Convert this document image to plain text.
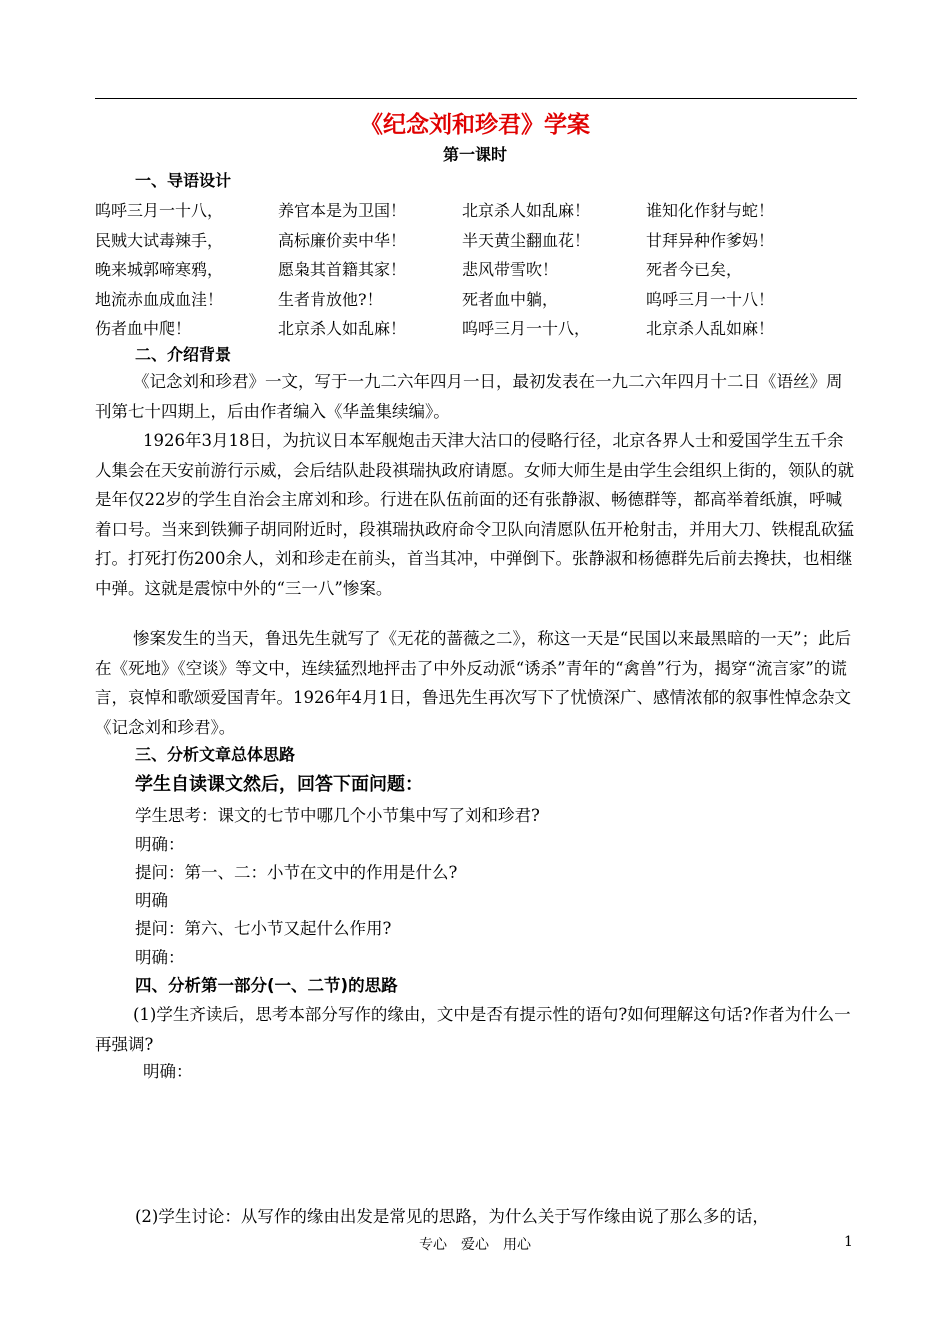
《纪念刘和珍君》学案
第一课时
一、导语设计
呜呼三月一十八，
民贼大试毒辣手，
晚来城郭啼寒鸦，
地流赤血成血洼！
伤者血中爬！
养官本是为卫国！
高标廉价卖中华！
愿枭其首籍其家！
生者肯放他?！
北京杀人如乱麻！
北京杀人如乱麻！
半天黄尘翻血花！
悲风带雪吹！
死者血中躺，
呜呼三月一十八，
谁知化作豺与蛇！
甘拜异种作爹妈！
死者今已矣，
呜呼三月一十八！
北京杀人乱如麻！
二、介绍背景

《记念刘和珍君》一文，写于一九二六年四月一日，最初发表在一九二六年四月十二日《语丝》周刊第七十四期上，后由作者编入《华盖集续编》。

1926年3月18日，为抗议日本军舰炮击天津大沽口的侵略行径，北京各界人士和爱国学生五千余人集会在天安前游行示威，会后结队赴段祺瑞执政府请愿。女师大师生是由学生会组织上街的，领队的就是年仅22岁的学生自治会主席刘和珍。行进在队伍前面的还有张静淑、畅德群等，都高举着纸旗，呼喊着口号。当来到铁狮子胡同附近时，段祺瑞执政府命令卫队向清愿队伍开枪射击，并用大刀、铁棍乱砍猛打。打死打伤200余人，刘和珍走在前头，首当其冲，中弹倒下。张静淑和杨德群先后前去搀扶，也相继中弹。这就是震惊中外的“三一八”惨案。

惨案发生的当天，鲁迅先生就写了《无花的蔷薇之二》，称这一天是“民国以来最黑暗的一天”；此后在《死地》《空谈》等文中，连续猛烈地抨击了中外反动派“诱杀”青年的“禽兽”行为，揭穿“流言家”的谎言，哀悼和歌颂爱国青年。1926年4月1日，鲁迅先生再次写下了忧愤深广、感情浓郁的叙事性悼念杂文《记念刘和珍君》。

三、分析文章总体思路
学生自读课文然后，回答下面问题：
学生思考：课文的七节中哪几个小节集中写了刘和珍君?
明确：
提问：第一、二：小节在文中的作用是什么?
明确
提问：第六、七小节又起什么作用?
明确：
四、分析第一部分(一、二节)的思路

(1)学生齐读后，思考本部分写作的缘由，文中是否有提示性的语句?如何理解这句话?作者为什么一再强调?

明确：
(2)学生讨论：从写作的缘由出发是常见的思路，为什么关于写作缘由说了那么多的话，
专心　爱心　用心	1
